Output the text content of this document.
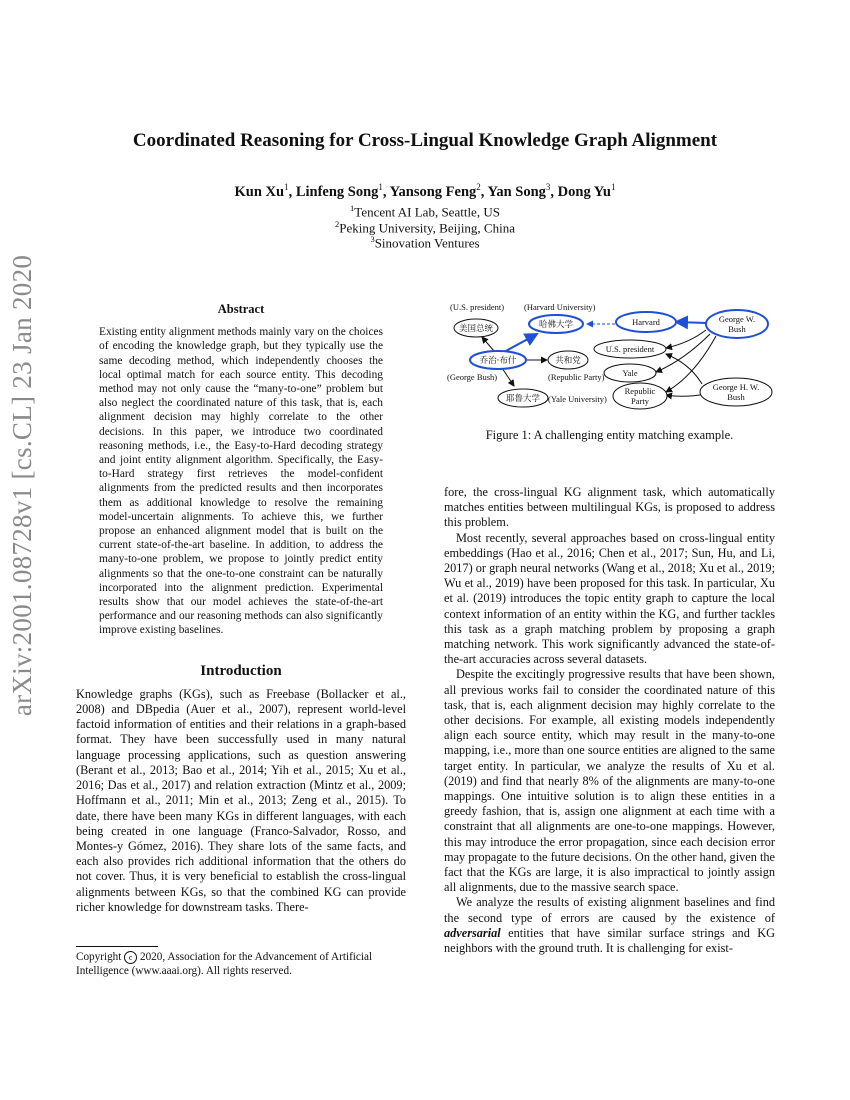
arXiv:2001.08728v1 [cs.CL] 23 Jan 2020
Coordinated Reasoning for Cross-Lingual Knowledge Graph Alignment
Kun Xu$^1$, Linfeng Song$^1$, Yansong Feng$^2$, Yan Song$^3$, Dong Yu$^1$
$^1$Tencent AI Lab, Seattle, US
$^2$Peking University, Beijing, China
$^3$Sinovation Ventures
Abstract

Existing entity alignment methods mainly vary on the choices of encoding the knowledge graph, but they typically use the same decoding method, which independently chooses the local optimal match for each source entity. This decoding method may not only cause the “many-to-one” problem but also neglect the coordinated nature of this task, that is, each alignment decision may highly correlate to the other decisions. In this paper, we introduce two coordinated reasoning methods, i.e., the Easy-to-Hard decoding strategy and joint entity alignment algorithm. Specifically, the Easy-to-Hard strategy first retrieves the model-confident alignments from the predicted results and then incorporates them as additional knowledge to resolve the remaining model-uncertain alignments. To achieve this, we further propose an enhanced alignment model that is built on the current state-of-the-art baseline. In addition, to address the many-to-one problem, we propose to jointly predict entity alignments so that the one-to-one constraint can be naturally incorporated into the alignment prediction. Experimental results show that our model achieves the state-of-the-art performance and our reasoning methods can also significantly improve existing baselines.

Introduction

Knowledge graphs (KGs), such as Freebase (Bollacker et al., 2008) and DBpedia (Auer et al., 2007), represent world-level factoid information of entities and their relations in a graph-based format. They have been successfully used in many natural language processing applications, such as question answering (Berant et al., 2013; Bao et al., 2014; Yih et al., 2015; Xu et al., 2016; Das et al., 2017) and relation extraction (Mintz et al., 2009; Hoffmann et al., 2011; Min et al., 2013; Zeng et al., 2015). To date, there have been many KGs in different languages, with each being created in one language (Franco-Salvador, Rosso, and Montes-y Gómez, 2016). They share lots of the same facts, and each also provides rich additional information that the others do not cover. Thus, it is very beneficial to establish the cross-lingual alignments between KGs, so that the combined KG can provide richer knowledge for downstream tasks. There-

Copyright c 2020, Association for the Advancement of Artificial Intelligence (www.aaai.org). All rights reserved.
(U.S. president) (Harvard University)
(George Bush)	(Republic Party)
(Yale University)
美国总统	哈佛大学
乔治·布什	共和党
耶鲁大学
Harvard	George W.
Bush
U.S. president
Yale
Republic
Party
George H. W.
Bush
Figure 1: A challenging entity matching example.

fore, the cross-lingual KG alignment task, which automatically matches entities between multilingual KGs, is proposed to address this problem.

Most recently, several approaches based on cross-lingual entity embeddings (Hao et al., 2016; Chen et al., 2017; Sun, Hu, and Li, 2017) or graph neural networks (Wang et al., 2018; Xu et al., 2019; Wu et al., 2019) have been proposed for this task. In particular, Xu et al. (2019) introduces the topic entity graph to capture the local context information of an entity within the KG, and further tackles this task as a graph matching problem by proposing a graph matching network. This work significantly advanced the state-of-the-art accuracies across several datasets.

Despite the excitingly progressive results that have been shown, all previous works fail to consider the coordinated nature of this task, that is, each alignment decision may highly correlate to the other decisions. For example, all existing models independently align each source entity, which may result in the many-to-one mapping, i.e., more than one source entities are aligned to the same target entity. In particular, we analyze the results of Xu et al. (2019) and find that nearly 8% of the alignments are many-to-one mappings. One intuitive solution is to align these entities in a greedy fashion, that is, assign one alignment at each time with a constraint that all alignments are one-to-one mappings. However, this may introduce the error propagation, since each decision error may propagate to the future decisions. On the other hand, given the fact that the KGs are large, it is also impractical to jointly assign all alignments, due to the massive search space.

We analyze the results of existing alignment baselines and find the second type of errors are caused by the existence of adversarial entities that have similar surface strings and KG neighbors with the ground truth. It is challenging for exist-
